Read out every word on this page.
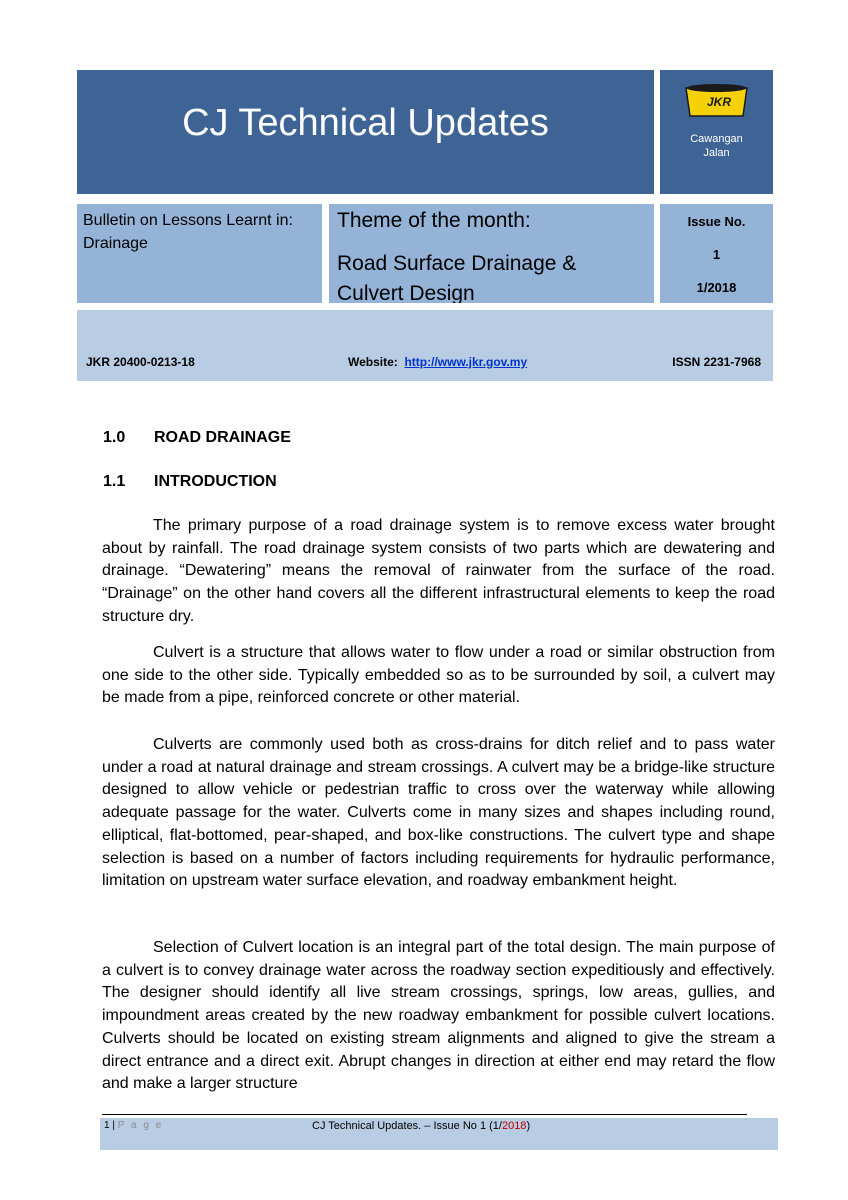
CJ Technical Updates	JKR
Cawangan
Jalan
Bulletin on Lessons Learnt in:
Drainage
Theme of the month:
Road Surface Drainage & Culvert Design
Issue No.
1
1/2018
JKR 20400-0213-18	Website: http://www.jkr.gov.my	ISSN 2231-7968
1.0 ROAD DRAINAGE
1.1 INTRODUCTION

The primary purpose of a road drainage system is to remove excess water brought about by rainfall. The road drainage system consists of two parts which are dewatering and drainage. “Dewatering” means the removal of rainwater from the surface of the road. “Drainage” on the other hand covers all the different infrastructural elements to keep the road structure dry.

Culvert is a structure that allows water to flow under a road or similar obstruction from one side to the other side. Typically embedded so as to be surrounded by soil, a culvert may be made from a pipe, reinforced concrete or other material.

Culverts are commonly used both as cross-drains for ditch relief and to pass water under a road at natural drainage and stream crossings. A culvert may be a bridge-like structure designed to allow vehicle or pedestrian traffic to cross over the waterway while allowing adequate passage for the water. Culverts come in many sizes and shapes including round, elliptical, flat-bottomed, pear-shaped, and box-like constructions. The culvert type and shape selection is based on a number of factors including requirements for hydraulic performance, limitation on upstream water surface elevation, and roadway embankment height.

Selection of Culvert location is an integral part of the total design. The main purpose of a culvert is to convey drainage water across the roadway section expeditiously and effectively. The designer should identify all live stream crossings, springs, low areas, gullies, and impoundment areas created by the new roadway embankment for possible culvert locations. Culverts should be located on existing stream alignments and aligned to give the stream a direct entrance and a direct exit. Abrupt changes in direction at either end may retard the flow and make a larger structure

1 | P a g e	CJ Technical Updates. – Issue No 1 (1/2018)
